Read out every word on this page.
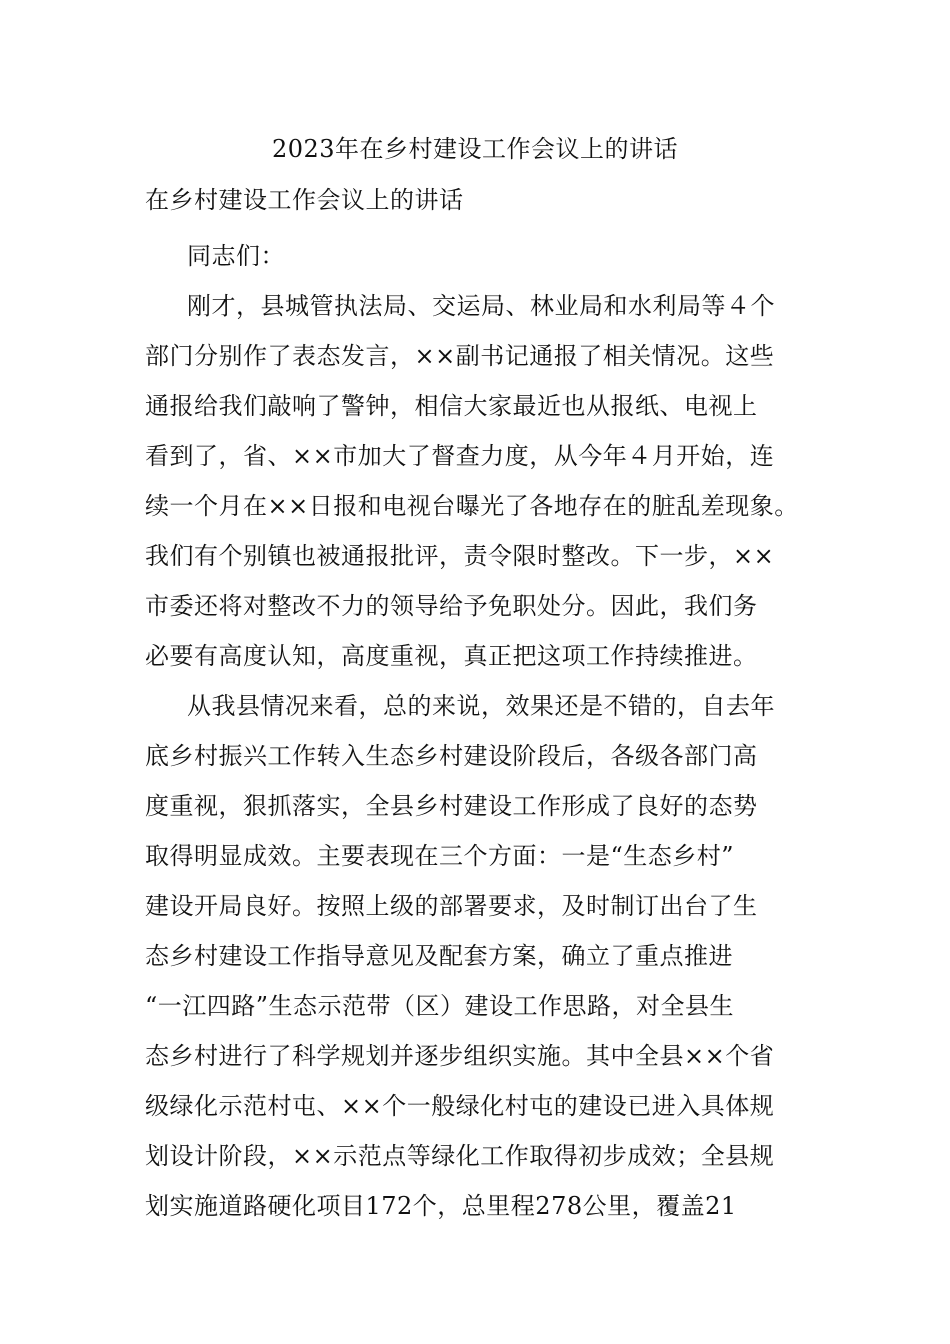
2023年在乡村建设工作会议上的讲话
在乡村建设工作会议上的讲话
同志们：
刚才，县城管执法局、交运局、林业局和水利局等４个
部门分别作了表态发言，××副书记通报了相关情况。这些
通报给我们敲响了警钟，相信大家最近也从报纸、电视上
看到了，省、××市加大了督查力度，从今年４月开始，连
续一个月在××日报和电视台曝光了各地存在的脏乱差现象。
我们有个别镇也被通报批评，责令限时整改。下一步，××
市委还将对整改不力的领导给予免职处分。因此，我们务
必要有高度认知，高度重视，真正把这项工作持续推进。
从我县情况来看，总的来说，效果还是不错的，自去年
底乡村振兴工作转入生态乡村建设阶段后，各级各部门高
度重视，狠抓落实，全县乡村建设工作形成了良好的态势
取得明显成效。主要表现在三个方面：一是“生态乡村”
建设开局良好。按照上级的部署要求，及时制订出台了生
态乡村建设工作指导意见及配套方案，确立了重点推进
“一江四路”生态示范带（区）建设工作思路，对全县生
态乡村进行了科学规划并逐步组织实施。其中全县××个省
级绿化示范村屯、××个一般绿化村屯的建设已进入具体规
划设计阶段，××示范点等绿化工作取得初步成效；全县规
划实施道路硬化项目172个，总里程278公里，覆盖21
